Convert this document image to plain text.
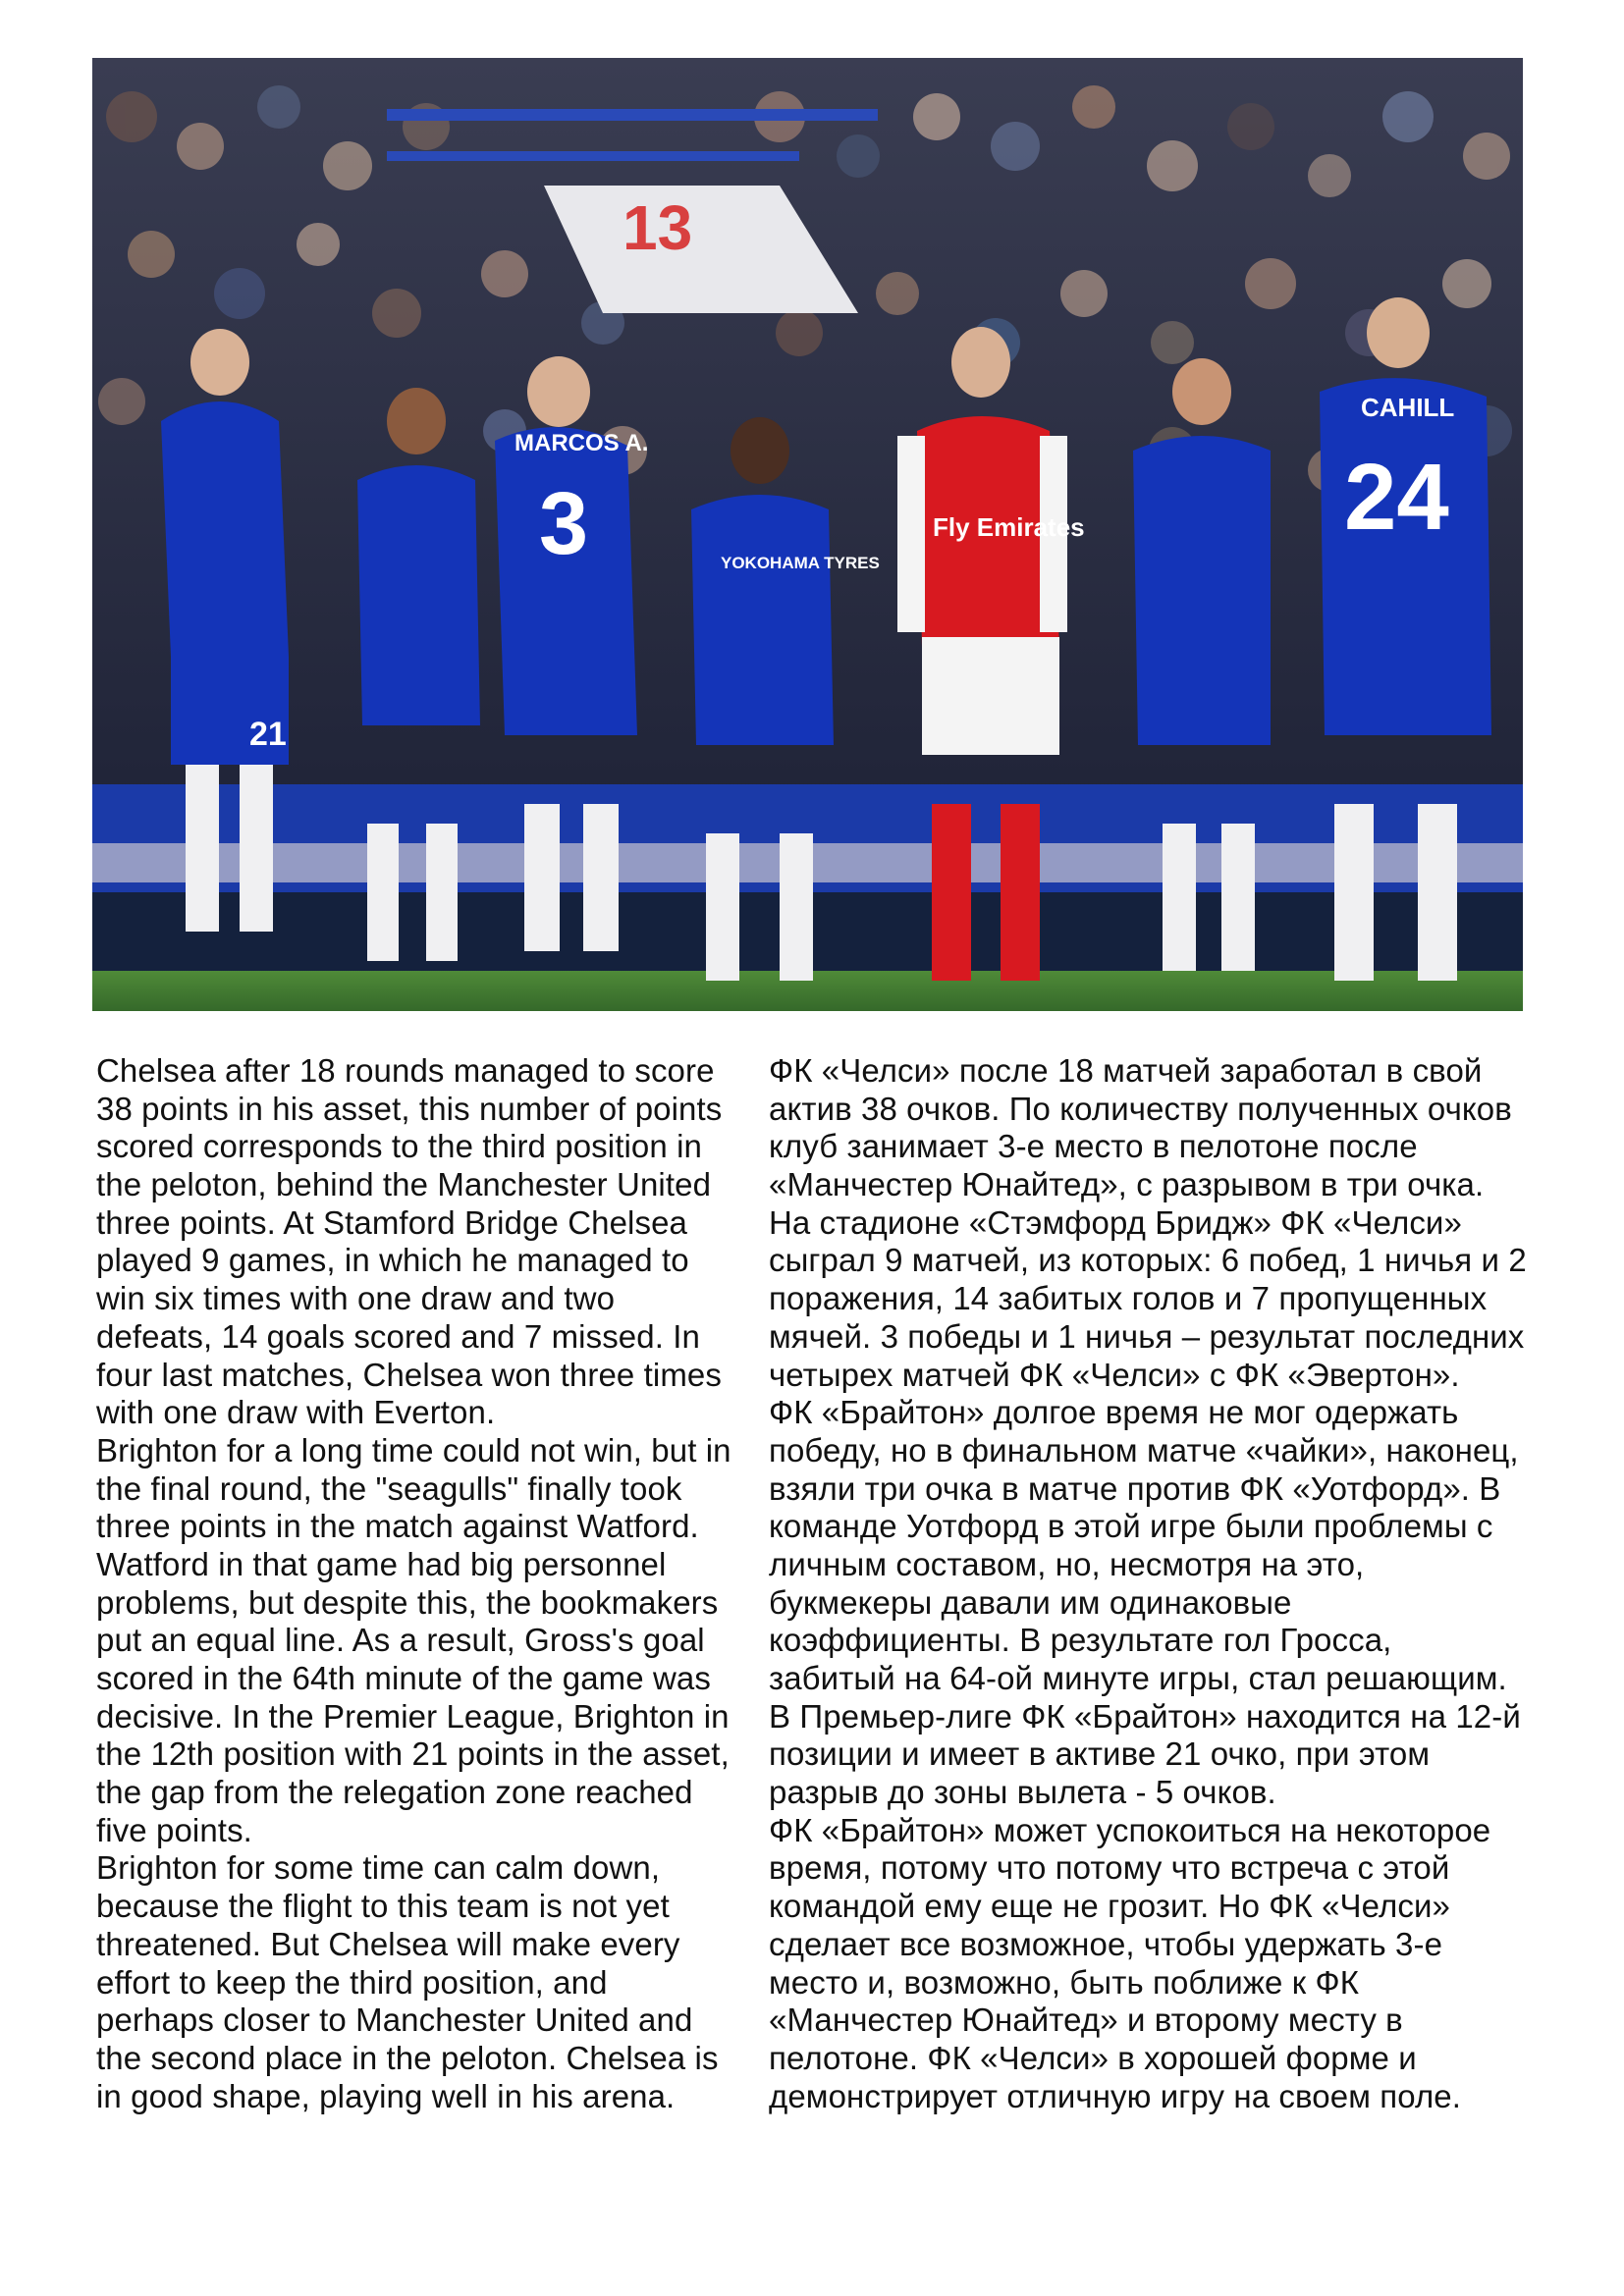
13
21
MARCOS A.
3	YOKOHAMA TYRES
Fly Emirates
CAHILL
24
Chelsea after 18 rounds managed to score
38 points in his asset, this number of points
scored corresponds to the third position in
the peloton, behind the Manchester United
three points. At Stamford Bridge Chelsea
played 9 games, in which he managed to
win six times with one draw and two
defeats, 14 goals scored and 7 missed. In
four last matches, Chelsea won three times
with one draw with Everton.
Brighton for a long time could not win, but in
the final round, the "seagulls" finally took
three points in the match against Watford.
Watford in that game had big personnel
problems, but despite this, the bookmakers
put an equal line. As a result, Gross's goal
scored in the 64th minute of the game was
decisive. In the Premier League, Brighton in
the 12th position with 21 points in the asset,
the gap from the relegation zone reached
five points.
Brighton for some time can calm down,
because the flight to this team is not yet
threatened. But Chelsea will make every
effort to keep the third position, and
perhaps closer to Manchester United and
the second place in the peloton. Chelsea is
in good shape, playing well in his arena.
ФК «Челси» после 18 матчей заработал в свой
актив 38 очков. По количеству полученных очков
клуб занимает 3-е место в пелотоне после
«Манчестер Юнайтед», с разрывом в три очка.
На стадионе «Стэмфорд Бридж» ФК «Челси»
сыграл 9 матчей, из которых: 6 побед, 1 ничья и 2
поражения, 14 забитых голов и 7 пропущенных
мячей. 3 победы и 1 ничья – результат последних
четырех матчей ФК «Челси» с ФК «Эвертон».
ФК «Брайтон» долгое время не мог одержать
победу, но в финальном матче «чайки», наконец,
взяли три очка в матче против ФК «Уотфорд». В
команде Уотфорд в этой игре были проблемы с
личным составом, но, несмотря на это,
букмекеры давали им одинаковые
коэффициенты. В результате гол Гросса,
забитый на 64-ой минуте игры, стал решающим.
В Премьер-лиге ФК «Брайтон» находится на 12-й
позиции и имеет в активе 21 очко, при этом
разрыв до зоны вылета - 5 очков.
ФК «Брайтон» может успокоиться на некоторое
время, потому что потому что встреча с этой
командой ему еще не грозит. Но ФК «Челси»
сделает все возможное, чтобы удержать 3-е
место и, возможно, быть поближе к ФК
«Манчестер Юнайтед» и второму месту в
пелотоне. ФК «Челси» в хорошей форме и
демонстрирует отличную игру на своем поле.
